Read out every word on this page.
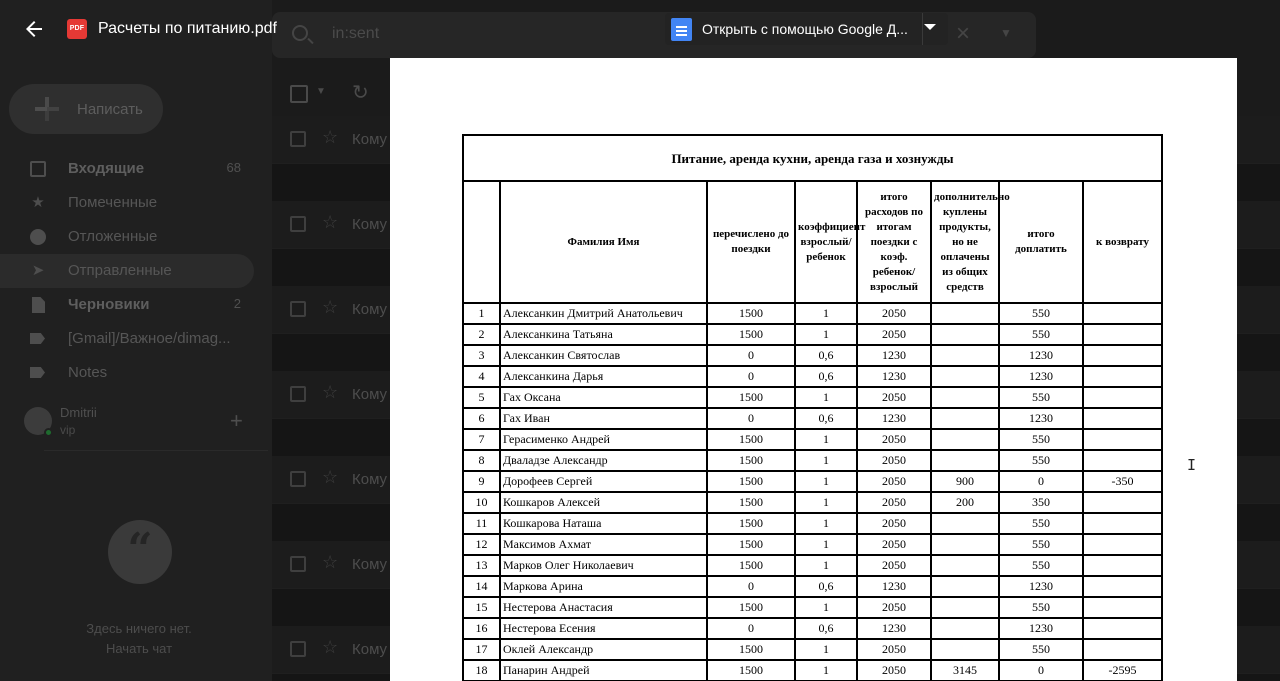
Написать
Входящие	68
★ Помеченные
Отложенные
➤ Отправленные
Черновики	2
[Gmail]/Важное/dimag...
Notes
Dmitrii
vip	+
“
Здесь ничего нет.
Начать чат
in:sent	× ▼
▼ ↻
☆ Кому
☆ Кому
☆ Кому
☆ Кому
☆ Кому
☆ Кому
☆ Кому
PDF Расчеты по питанию.pdf	Открыть с помощью Google Д...
Питание, аренда кухни, аренда газа и хознужды							
	Фамилия Имя	перечислено до поездки	коэффициент взрослый/ребенок	итого расходов по итогам поездки с коэф. ребенок/взрослый	дополнительно куплены продукты, но не оплачены из общих средств	итого доплатить	к возврату
1	Алексанкин Дмитрий Анатольевич	1500	1	2050		550	
2	Алексанкина Татьяна	1500	1	2050		550	
3	Алексанкин Святослав	0	0,6	1230		1230	
4	Алексанкина Дарья	0	0,6	1230		1230	
5	Гах Оксана	1500	1	2050		550	
6	Гах Иван	0	0,6	1230		1230	
7	Герасименко Андрей	1500	1	2050		550	
8	Дваладзе Александр	1500	1	2050		550	
9	Дорофеев Сергей	1500	1	2050	900	0	-350
10	Кошкаров Алексей	1500	1	2050	200	350	
11	Кошкарова Наташа	1500	1	2050		550	
12	Максимов Ахмат	1500	1	2050		550	
13	Марков Олег Николаевич	1500	1	2050		550	
14	Маркова Арина	0	0,6	1230		1230	
15	Нестерова Анастасия	1500	1	2050		550	
16	Нестерова Есения	0	0,6	1230		1230	
17	Оклей Александр	1500	1	2050		550	
18	Панарин Андрей	1500	1	2050	3145	0	-2595
I
